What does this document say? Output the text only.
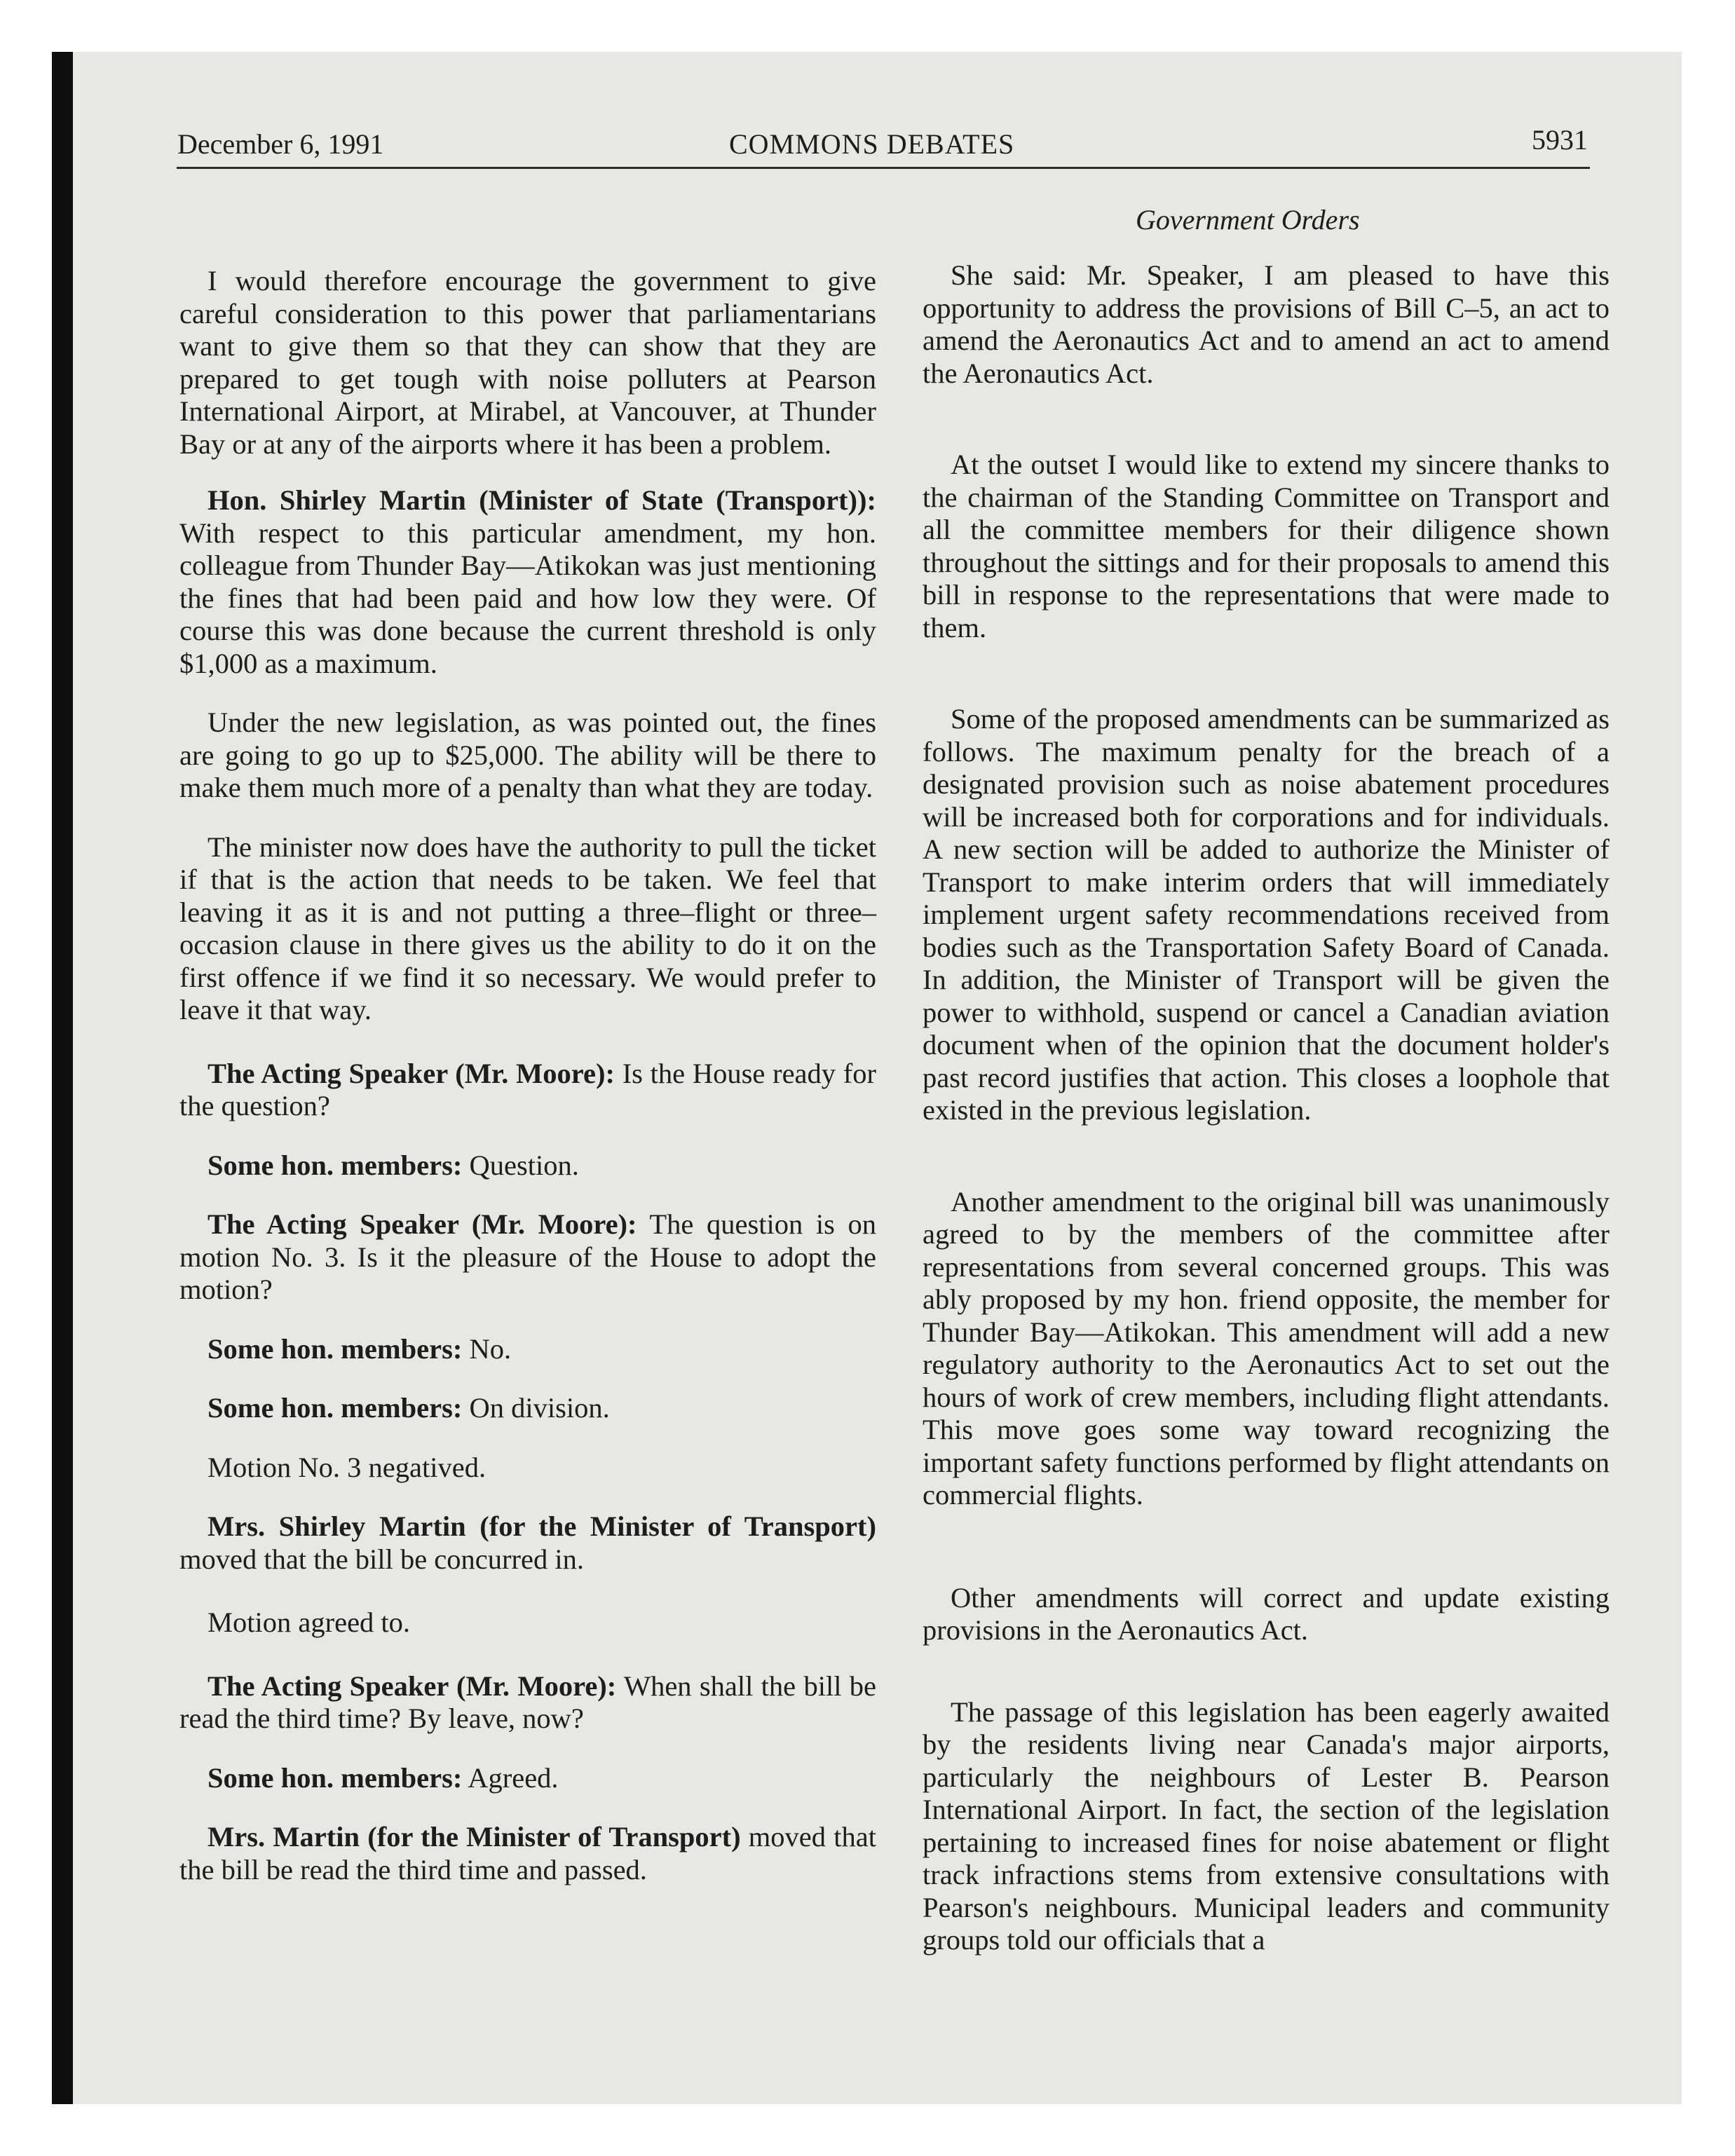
December 6, 1991	COMMONS DEBATES	5931
Government Orders

I would therefore encourage the government to give careful consideration to this power that parliamentarians want to give them so that they can show that they are prepared to get tough with noise polluters at Pearson International Airport, at Mirabel, at Vancouver, at Thunder Bay or at any of the airports where it has been a problem.

Hon. Shirley Martin (Minister of State (Transport)): With respect to this particular amendment, my hon. colleague from Thunder Bay—Atikokan was just mentioning the fines that had been paid and how low they were. Of course this was done because the current threshold is only $1,000 as a maximum.

Under the new legislation, as was pointed out, the fines are going to go up to $25,000. The ability will be there to make them much more of a penalty than what they are today.

The minister now does have the authority to pull the ticket if that is the action that needs to be taken. We feel that leaving it as it is and not putting a three–flight or three–occasion clause in there gives us the ability to do it on the first offence if we find it so necessary. We would prefer to leave it that way.

The Acting Speaker (Mr. Moore): Is the House ready for the question?

Some hon. members: Question.

The Acting Speaker (Mr. Moore): The question is on motion No. 3. Is it the pleasure of the House to adopt the motion?

Some hon. members: No.

Some hon. members: On division.

Motion No. 3 negatived.

Mrs. Shirley Martin (for the Minister of Transport) moved that the bill be concurred in.

Motion agreed to.

The Acting Speaker (Mr. Moore): When shall the bill be read the third time? By leave, now?

Some hon. members: Agreed.

Mrs. Martin (for the Minister of Transport) moved that the bill be read the third time and passed.

She said: Mr. Speaker, I am pleased to have this opportunity to address the provisions of Bill C–5, an act to amend the Aeronautics Act and to amend an act to amend the Aeronautics Act.

At the outset I would like to extend my sincere thanks to the chairman of the Standing Committee on Transport and all the committee members for their diligence shown throughout the sittings and for their proposals to amend this bill in response to the representations that were made to them.

Some of the proposed amendments can be summarized as follows. The maximum penalty for the breach of a designated provision such as noise abatement procedures will be increased both for corporations and for individuals. A new section will be added to authorize the Minister of Transport to make interim orders that will immediately implement urgent safety recommendations received from bodies such as the Transportation Safety Board of Canada. In addition, the Minister of Transport will be given the power to withhold, suspend or cancel a Canadian aviation document when of the opinion that the document holder's past record justifies that action. This closes a loophole that existed in the previous legislation.

Another amendment to the original bill was unanimously agreed to by the members of the committee after representations from several concerned groups. This was ably proposed by my hon. friend opposite, the member for Thunder Bay—Atikokan. This amendment will add a new regulatory authority to the Aeronautics Act to set out the hours of work of crew members, including flight attendants. This move goes some way toward recognizing the important safety functions performed by flight attendants on commercial flights.

Other amendments will correct and update existing provisions in the Aeronautics Act.

The passage of this legislation has been eagerly awaited by the residents living near Canada's major airports, particularly the neighbours of Lester B. Pearson International Airport. In fact, the section of the legislation pertaining to increased fines for noise abatement or flight track infractions stems from extensive consultations with Pearson's neighbours. Municipal leaders and community groups told our officials that a
